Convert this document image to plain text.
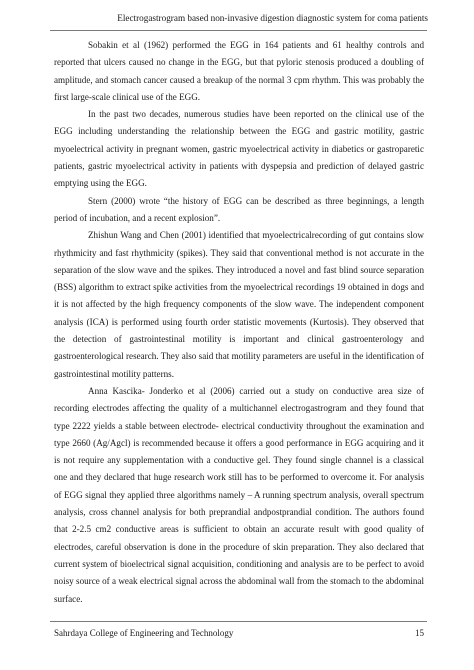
Electrogastrogram based non-invasive digestion diagnostic system for coma patients

Sobakin et al (1962) performed the EGG in 164 patients and 61 healthy controls and reported that ulcers caused no change in the EGG, but that pyloric stenosis produced a doubling of amplitude, and stomach cancer caused a breakup of the normal 3 cpm rhythm. This was probably the first large-scale clinical use of the EGG.

In the past two decades, numerous studies have been reported on the clinical use of the EGG including understanding the relationship between the EGG and gastric motility, gastric myoelectrical activity in pregnant women, gastric myoelectrical activity in diabetics or gastroparetic patients, gastric myoelectrical activity in patients with dyspepsia and prediction of delayed gastric emptying using the EGG.

Stern (2000) wrote “the history of EGG can be described as three beginnings, a length period of incubation, and a recent explosion”.

Zhishun Wang and Chen (2001) identified that myoelectricalrecording of gut contains slow rhythmicity and fast rhythmicity (spikes). They said that conventional method is not accurate in the separation of the slow wave and the spikes. They introduced a novel and fast blind source separation (BSS) algorithm to extract spike activities from the myoelectrical recordings 19 obtained in dogs and it is not affected by the high frequency components of the slow wave. The independent component analysis (ICA) is performed using fourth order statistic movements (Kurtosis). They observed that the detection of gastrointestinal motility is important and clinical gastroenterology and gastroenterological research. They also said that motility parameters are useful in the identification of gastrointestinal motility patterns.

Anna Kascika- Jonderko et al (2006) carried out a study on conductive area size of recording electrodes affecting the quality of a multichannel electrogastrogram and they found that type 2222 yields a stable between electrode- electrical conductivity throughout the examination and type 2660 (Ag/Agcl) is recommended because it offers a good performance in EGG acquiring and it is not require any supplementation with a conductive gel. They found single channel is a classical one and they declared that huge research work still has to be performed to overcome it. For analysis of EGG signal they applied three algorithms namely – A running spectrum analysis, overall spectrum analysis, cross channel analysis for both preprandial andpostprandial condition. The authors found that 2-2.5 cm2 conductive areas is sufficient to obtain an accurate result with good quality of electrodes, careful observation is done in the procedure of skin preparation. They also declared that current system of bioelectrical signal acquisition, conditioning and analysis are to be perfect to avoid noisy source of a weak electrical signal across the abdominal wall from the stomach to the abdominal surface.

Sahrdaya College of Engineering and Technology	15
